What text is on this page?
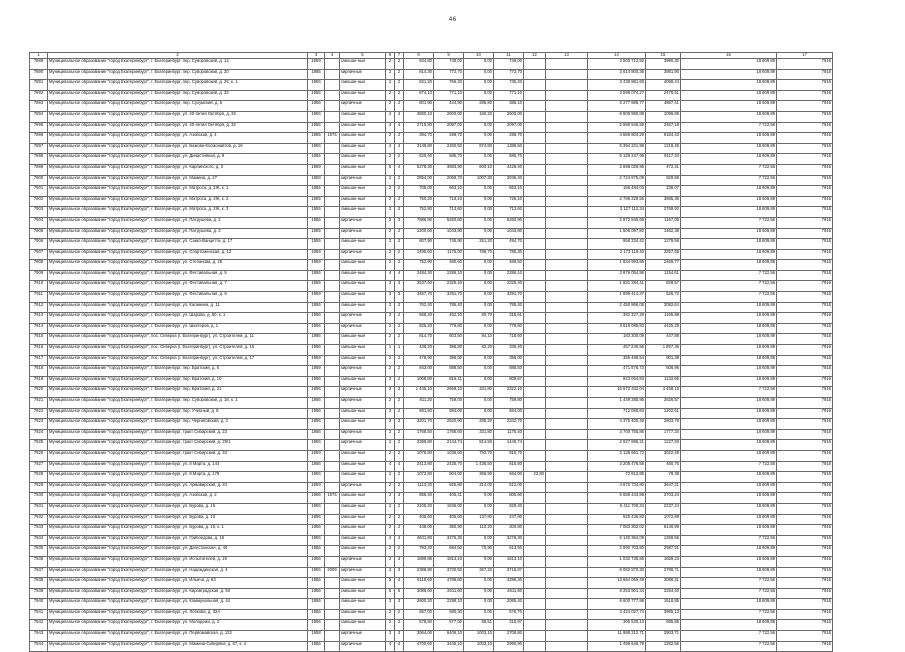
46
1	2	3	4	5	6	7	8	9	10	11	12	13	14	15	16	17
7889	Муниципальное образование "город Екатеринбург", г. Екатеринбург, пер. Суворовский, д. 14	1959		смешан-ные	2	2	834,80	748,00	0,00	748,00			3 500 713,50	3990,30	18 609,89	7916
7890	Муниципальное образование "город Екатеринбург", г. Екатеринбург, пер. Суворовский, д. 20	1985		кирпичные	2	2	814,30	772,70	0,00	772,70			3 614 800,36	3981,90	18 609,89	7916
7891	Муниципальное образование "город Екатеринбург", г. Екатеринбург, пер. Суворовский, д. 26, к. 1	1956		смешан-ные	2	2	821,20	756,20	0,00	735,20			3 436 881,60	4088,44	18 609,89	7916
7892	Муниципальное образование "город Екатеринбург", г. Екатеринбург, пер. Суворовский, д. 32	1955		смешан-ные	2	2	874,10	771,10	0,00	771,10			3 598 074,27	2478,51	18 609,89	7916
7893	Муниципальное образование "город Екатеринбург", г. Екатеринбург, пер. Сухумский, д. 5	1956		кирпичные	2	2	801,90	444,90	286,80	385,10			6 277 886,77	4887,41	18 609,89	7916
7894	Муниципальное образование "город Екатеринбург", г. Екатеринбург, ул. 40-летия Октября, д. 26	1956		смешан-ные	4	4	3880,10	2600,00	160,20	2600,00			8 809 980,89	1096,89	18 609,89	7916
7895	Муниципальное образование "город Екатеринбург", г. Екатеринбург, ул. 40-летия Октября, д. 32	1955		смешан-ные	4	4	2715,80	2097,00	0,00	2097,00			5 988 546,59	2457,18	7 722,56	7916
7896	Муниципальное образование "город Екатеринбург", г. Екатеринбург, ул. Азовская, д. 4	1985	1975	смешан-ные	2	2	394,70	298,70	0,00	298,70			4 569 804,29	9184,43	18 609,89	7916
7897	Муниципальное образование "город Екатеринбург", г. Екатеринбург, ул. Бажова-Космонавтов, д. 16	1956		смешан-ные	4	4	3149,80	2260,50	874,80	1386,50			5 394 221,98	1218,46	18 609,89	7916
7898	Муниципальное образование "город Екатеринбург", г. Екатеринбург, ул. Династийная, д. 9	1955		смешан-ные	2	2	620,40	585,70	0,00	585,70			5 129 247,99	9117,34	18 609,89	7916
7899	Муниципальное образование "город Екатеринбург", г. Екатеринбург, ул. Карпинского, д. 3	1959		смешан-ные	5	4	5278,30	3683,90	600,10	4428,40			2 698 028,96	472,31	7 722,56	7916
7900	Муниципальное образование "город Екатеринбург", г. Екатеринбург, ул. Мамина, д. 27	1959		кирпичные	2	2	2854,00	2068,70	1007,30	3039,40			2 724 875,09	829,59	7 722,56	7916
7901	Муниципальное образование "город Екатеринбург", г. Екатеринбург, ул. Матроса, д. 2Ж, к. 1	1955		смешан-ные	2	2	705,00	663,10	0,00	663,10			156 484,03	236,07	18 609,89	7916
7902	Муниципальное образование "город Екатеринбург", г. Екатеринбург, ул. Матроса, д. 2Ж, к. 2	1955		смешан-ные	2	2	750,20	718,10	0,00	726,10			2 796 229,55	3885,38	18 609,89	7916
7903	Муниципальное образование "город Екатеринбург", г. Екатеринбург, ул. Матроса, д. 2Ж, к. 3	1955		смешан-ные	2	2	752,80	713,60	0,00	713,60			3 127 112,34	2769,92	18 609,89	7916
7904	Муниципальное образование "город Екатеринбург", г. Екатеринбург, ул. Патрушева, д. 2	1956		кирпичные	3	3	7886,80	5260,80	0,00	5260,80			2 872 845,68	1167,05	7 722,56	7916
7905	Муниципальное образование "город Екатеринбург", г. Екатеринбург, ул. Патрушева, д. 3	1955		кирпичные	2	2	1200,60	1043,80	0,00	1043,80			1 506 097,80	1462,38	18 609,89	7916
7906	Муниципальное образование "город Екатеринбург", г. Екатеринбург, ул. Сакко-Ванцетти, д. 17	1955		смешан-ные	2	2	807,90	745,90	251,20	494,70			958 334,42	1279,56	18 609,89	7916
7907	Муниципальное образование "город Екатеринбург", г. Екатеринбург, ул. Спортсменская, д. 13	1959		кирпичные	2	2	1495,50	1175,00	788,70	785,30			2 173 118,40	3257,65	18 609,89	7916
7908	Муниципальное образование "город Екатеринбург", г. Екатеринбург, ул. Степанова, д. 26	1959		смешан-ные	2	2	752,90	480,60	0,00	480,50			1 834 993,86	2469,77	18 609,89	7916
7909	Муниципальное образование "город Екатеринбург", г. Екатеринбург, ул. Фестивальная, д. 5	1956		смешан-ные	4	4	2484,30	2286,10	0,00	2286,10			3 876 054,96	1154,61	7 722,56	7916
7910	Муниципальное образование "город Екатеринбург", г. Екатеринбург, ул. Фестивальная, д. 7	1955		смешан-ные	3	3	2537,60	2325,40	0,00	2325,40			1 831 284,41	828,57	7 722,56	7916
7911	Муниципальное образование "город Екатеринбург", г. Екатеринбург, ул. Фестивальная, д. 9	1959		смешан-ные	3	3	3457,70	3291,70	0,00	3291,70			1 899 414,37	526,72	7 722,56	7916
7912	Муниципальное образование "город Екатеринбург", г. Екатеринбург, ул. Калинина, д. 11	1956		смешан-ные	2	2	762,40	785,40	0,00	785,40			2 450 866,06	3082,64	18 609,89	7916
7913	Муниципальное образование "город Екатеринбург", г. Екатеринбург, ул. Шарова, д. 50, к. 1	1956		кирпичные	2	2	568,40	452,10	80,70	315,61			382 327,29	1165,88	18 609,89	7916
7914	Муниципальное образование "город Екатеринбург", г. Екатеринбург, ул. Шахтеров, д. 1	1956		кирпичные	2	2	825,20	779,80	0,00	779,80			3 619 085,83	4425,29	18 609,89	7916
7915	Муниципальное образование "город Екатеринбург", пос. Северка (г. Екатеринбург), ул. Строителей, д. 11	1986		смешан-ные	2	2	814,70	803,50	84,10	718,60			183 300,09	447,88	18 609,89	7916
7916	Муниципальное образование "город Екатеринбург", пос. Северка (г. Екатеринбург), ул. Строителей, д. 15	1956		смешан-ные	1	1	436,20	356,80	82,20	336,40			457 240,56	1 857,36	18 609,89	7916
7917	Муниципальное образование "город Екатеринбург", пос. Северка (г. Екатеринбург), ул. Строителей, д. 17	1959		смешан-ные	2	2	478,90	396,00	0,00	396,00			355 496,54	901,38	18 609,89	7916
7918	Муниципальное образование "город Екатеринбург", г. Екатеринбург, пер. Братский, д. 5	1959		кирпичные	2	2	943,00	888,50	0,00	888,50			471 876,73	508,96	18 609,89	7916
7919	Муниципальное образование "город Екатеринбург", г. Екатеринбург, пер. Братский, д. 10	1956		смешан-ные	2	2	1068,80	816,41	0,00	809,67			923 064,83	1132,66	18 609,89	7916
7920	Муниципальное образование "город Екатеринбург", г. Екатеринбург, пер. Братский, д. 21	1956		кирпичные	3	3	1 445,10	2669,10	331,80	2322,10			16 672 342,04	4 458,15	7 722,56	7916
7921	Муниципальное образование "город Екатеринбург", г. Екатеринбург, пер. Суворовский, д. 18, к. 1	1956		кирпичные	2	2	811,20	759,00	0,00	759,80			1 449 285,95	2626,57	18 609,89	7916
7922	Муниципальное образование "город Екатеринбург", г. Екатеринбург, пер. Учебный, д. 8	1956		смешан-ные	2	2	891,50	684,00	0,00	684,00			712 080,83	1202,61	18 609,89	7916
7923	Муниципальное образование "город Екатеринбург", г. Екатеринбург, пер. Черниговский, д. 2	1956		смешан-ные	3	3	3201,70	2620,90	295,20	2342,70			4 375 400,49	2803,76	18 609,89	7916
7924	Муниципальное образование "город Екатеринбург", г. Екатеринбург, тракт Сибирский, д. 23	1956		кирпичные	2	2	1768,50	1766,60	331,80	1175,40			3 700 765,86	1777,34	18 609,89	7916
7925	Муниципальное образование "город Екатеринбург", г. Екатеринбург, тракт Сибирский, д. 29/1	1956		кирпичные	2	2	2399,80	2144,74	814,50	1446,74			2 927 895,21	1227,93	18 609,89	7916
7926	Муниципальное образование "город Екатеринбург", г. Екатеринбург, тракт Сибирский, д. 33	1959		смешан-ные	2	2	1076,80	1036,60	793,70	815,70			3 138 661,73	3022,48	18 609,89	7916
7927	Муниципальное образование "город Екатеринбург", г. Екатеринбург, ул. 8 Марта, д. 144	1956		смешан-ные	4	4	2413,80	2425,70	1 436,50	815,80			3 208 476,56	460,76	7 722,56	7916
7928	Муниципальное образование "город Екатеринбург", г. Екатеринбург, ул. 8 Марта, д. 178	1956		смешан-ные	2	2	1072,80	904,00	366,90	564,00	22,80		72 913,85	78,39	18 609,89	7916
7929	Муниципальное образование "город Екатеринбург", г. Екатеринбург, ул. Армавирская, д. 24	1959		кирпичные	2	2	1113,20	925,80	314,00	612,00			4 670 734,80	3647,21	18 609,89	7916
7930	Муниципальное образование "город Екатеринбург", г. Екатеринбург, ул. Азовская, д. 2	1966	1975	смешан-ные	3	3	866,40	405,41	0,00	805,60			6 658 443,88	3703,24	18 609,89	7916
7931	Муниципальное образование "город Екатеринбург", г. Екатеринбург, ул. Бурова, д. 16	1956		смешан-ные	2	2	2105,20	1536,00	0,00	829,40			5 411 700,34	2237,24	18 609,89	7916
7932	Муниципальное образование "город Екатеринбург", г. Екатеринбург, ул. Бурова, д. 10	1956		смешан-ные	2	2	405,60	405,60	137,80	247,80			625 436,83	1072,89	18 609,89	7916
7933	Муниципальное образование "город Екатеринбург", г. Екатеринбург, ул. Бурова, д. 10, к. 1	1956		смешан-ные	2	2	438,00	380,90	110,20	300,80			7 083 302,02	6140,99	18 609,89	7916
7934	Муниципальное образование "город Екатеринбург", г. Екатеринбург, ул. Грибоедова, д. 16	1956		смешан-ные	4	4	4631,80	3276,30	0,00	3276,30			6 140 364,09	1266,55	7 722,56	7916
7935	Муниципальное образование "город Екатеринбург", г. Екатеринбург, ул. Дагестанская, д. 40	1956		смешан-ные	2	2	793,20	684,50	70,90	613,50			2 690 703,80	2987,51	18 609,89	7916
7936	Муниципальное образование "город Екатеринбург", г. Екатеринбург, ул. Испытателей, д. 19	1956		кирпичные	3	3	1899,86	1813,10	0,00	1813,10			1 032 738,85	1659,23	18 609,89	7916
7937	Муниципальное образование "город Екатеринбург", г. Екатеринбург, ул. Надеждинская, д. 4	1956	2009	кирпичные	3	3	2386,80	3730,50	367,20	3718,87			8 082 870,30	2788,71	18 609,89	7916
7938	Муниципальное образование "город Екатеринбург", г. Екатеринбург, ул. Ильича, д. 63	1956		смешан-ные	5	4	6118,60	4788,80	0,00	4286,30			13 664 069,49	3088,31	7 722,56	7916
7939	Муниципальное образование "город Екатеринбург", г. Екатеринбург, ул. Кировградская, д. 50	1956		смешан-ные	5	5	3086,60	2611,60	0,00	2611,60			8 253 901,34	3254,40	7 722,56	7916
7940	Муниципальное образование "город Екатеринбург", г. Екатеринбург, ул. Коммунальная, д. 44	1956		смешан-ные	3	3	2600,20	2298,10	0,00	2085,40			8 600 777,98	1518,85	18 609,89	7916
7941	Муниципальное образование "город Екатеринбург", г. Екатеринбург, ул. Лобкова, д. 32А	1956		смешан-ные	2	2	657,00	580,30	0,00	576,70			3 424 027,74	3985,13	7 722,56	7916
7942	Муниципальное образование "город Екатеринбург", г. Екатеринбург, ул. Молодежи, д. 2	1956		смешан-ные	2	2	578,80	577,00	88,51	315,97			305 530,13	695,86	18 609,89	7916
7943	Муниципальное образование "город Екатеринбург", г. Екатеринбург, ул. Первомайская, д. 122	1958		кирпичные	3	3	3064,00	6406,10	1003,10	2708,80			11 988 212,71	2903,71	7 722,56	7916
7944	Муниципальное образование "город Екатеринбург", г. Екатеринбург, ул. Мамина-Сибиряка, д. 67, к. 4	1956		кирпичные	4	4	4700,60	3445,10	1003,10	2990,90			1 499 645,79	1282,56	7 722,56	7916
